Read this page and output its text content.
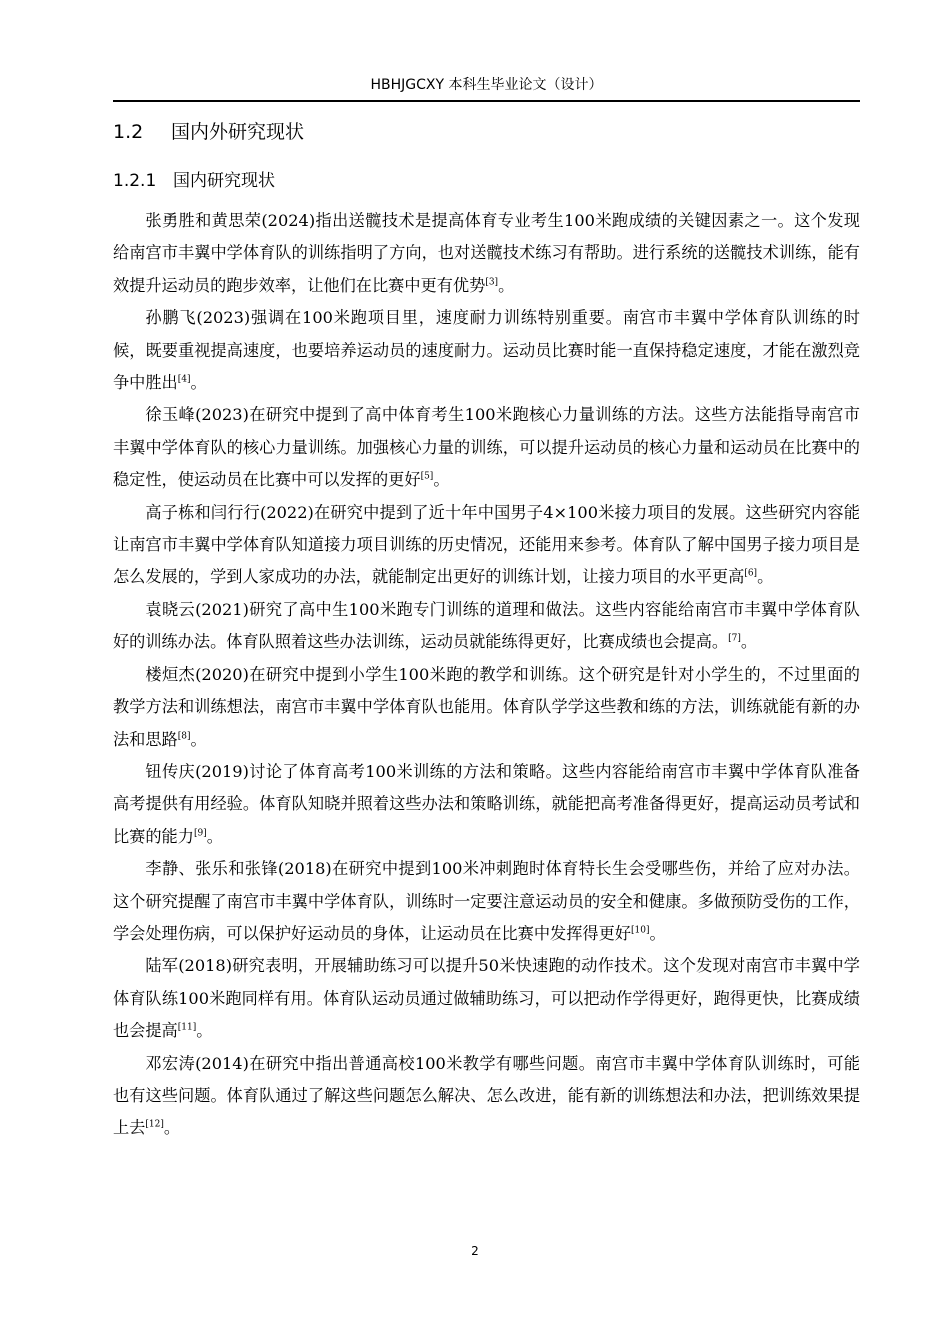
HBHJGCXY 本科生毕业论文（设计）
1.2 国内外研究现状
1.2.1 国内研究现状

张勇胜和黄思荣(2024)指出送髋技术是提高体育专业考生100米跑成绩的关键因素之一。这个发现给南宫市丰翼中学体育队的训练指明了方向，也对送髋技术练习有帮助。进行系统的送髋技术训练，能有效提升运动员的跑步效率，让他们在比赛中更有优势[3]。

孙鹏飞(2023)强调在100米跑项目里，速度耐力训练特别重要。南宫市丰翼中学体育队训练的时候，既要重视提高速度，也要培养运动员的速度耐力。运动员比赛时能一直保持稳定速度，才能在激烈竞争中胜出[4]。

徐玉峰(2023)在研究中提到了高中体育考生100米跑核心力量训练的方法。这些方法能指导南宫市丰翼中学体育队的核心力量训练。加强核心力量的训练，可以提升运动员的核心力量和运动员在比赛中的稳定性，使运动员在比赛中可以发挥的更好[5]。

高子栋和闫行行(2022)在研究中提到了近十年中国男子4×100米接力项目的发展。这些研究内容能让南宫市丰翼中学体育队知道接力项目训练的历史情况，还能用来参考。体育队了解中国男子接力项目是怎么发展的，学到人家成功的办法，就能制定出更好的训练计划，让接力项目的水平更高[6]。

袁晓云(2021)研究了高中生100米跑专门训练的道理和做法。这些内容能给南宫市丰翼中学体育队好的训练办法。体育队照着这些办法训练，运动员就能练得更好，比赛成绩也会提高。[7]。

楼烜杰(2020)在研究中提到小学生100米跑的教学和训练。这个研究是针对小学生的，不过里面的教学方法和训练想法，南宫市丰翼中学体育队也能用。体育队学学这些教和练的方法，训练就能有新的办法和思路[8]。

钮传庆(2019)讨论了体育高考100米训练的方法和策略。这些内容能给南宫市丰翼中学体育队准备高考提供有用经验。体育队知晓并照着这些办法和策略训练，就能把高考准备得更好，提高运动员考试和比赛的能力[9]。

李静、张乐和张锋(2018)在研究中提到100米冲刺跑时体育特长生会受哪些伤，并给了应对办法。这个研究提醒了南宫市丰翼中学体育队，训练时一定要注意运动员的安全和健康。多做预防受伤的工作，学会处理伤病，可以保护好运动员的身体，让运动员在比赛中发挥得更好[10]。

陆军(2018)研究表明，开展辅助练习可以提升50米快速跑的动作技术。这个发现对南宫市丰翼中学体育队练100米跑同样有用。体育队运动员通过做辅助练习，可以把动作学得更好，跑得更快，比赛成绩也会提高[11]。

邓宏涛(2014)在研究中指出普通高校100米教学有哪些问题。南宫市丰翼中学体育队训练时，可能也有这些问题。体育队通过了解这些问题怎么解决、怎么改进，能有新的训练想法和办法，把训练效果提上去[12]。

2
